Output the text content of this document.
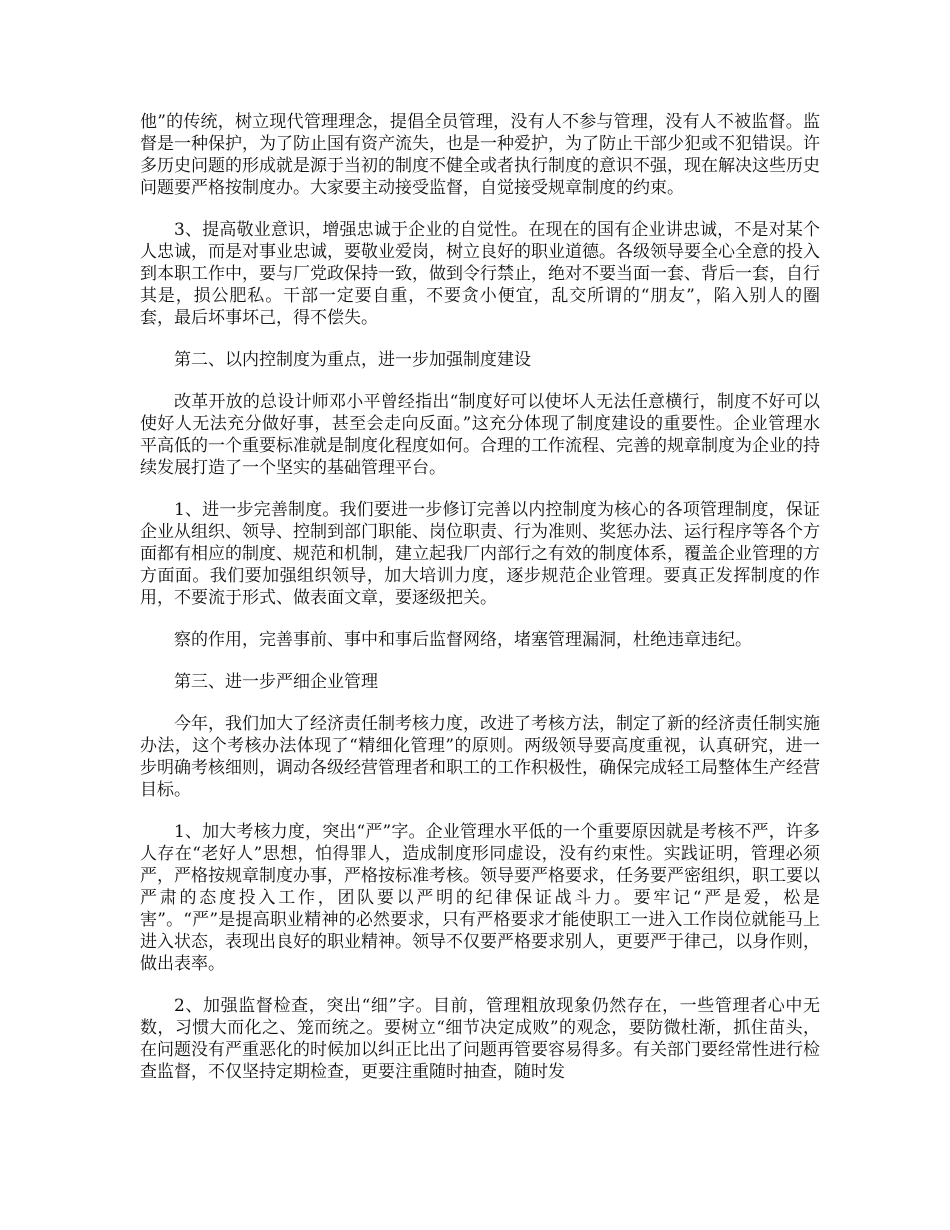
他”的传统，树立现代管理理念，提倡全员管理，没有人不参与管理，没有人不被监督。监督是一种保护，为了防止国有资产流失，也是一种爱护，为了防止干部少犯或不犯错误。许多历史问题的形成就是源于当初的制度不健全或者执行制度的意识不强，现在解决这些历史问题要严格按制度办。大家要主动接受监督，自觉接受规章制度的约束。

3、提高敬业意识，增强忠诚于企业的自觉性。在现在的国有企业讲忠诚，不是对某个人忠诚，而是对事业忠诚，要敬业爱岗，树立良好的职业道德。各级领导要全心全意的投入到本职工作中，要与厂党政保持一致，做到令行禁止，绝对不要当面一套、背后一套，自行其是，损公肥私。干部一定要自重，不要贪小便宜，乱交所谓的“朋友”，陷入别人的圈套，最后坏事坏己，得不偿失。

第二、以内控制度为重点，进一步加强制度建设

改革开放的总设计师邓小平曾经指出“制度好可以使坏人无法任意横行，制度不好可以使好人无法充分做好事，甚至会走向反面。”这充分体现了制度建设的重要性。企业管理水平高低的一个重要标准就是制度化程度如何。合理的工作流程、完善的规章制度为企业的持续发展打造了一个坚实的基础管理平台。

1、进一步完善制度。我们要进一步修订完善以内控制度为核心的各项管理制度，保证企业从组织、领导、控制到部门职能、岗位职责、行为准则、奖惩办法、运行程序等各个方面都有相应的制度、规范和机制，建立起我厂内部行之有效的制度体系，覆盖企业管理的方方面面。我们要加强组织领导，加大培训力度，逐步规范企业管理。要真正发挥制度的作用，不要流于形式、做表面文章，要逐级把关。

察的作用，完善事前、事中和事后监督网络，堵塞管理漏洞，杜绝违章违纪。

第三、进一步严细企业管理

今年，我们加大了经济责任制考核力度，改进了考核方法，制定了新的经济责任制实施办法，这个考核办法体现了“精细化管理”的原则。两级领导要高度重视，认真研究，进一步明确考核细则，调动各级经营管理者和职工的工作积极性，确保完成轻工局整体生产经营目标。

1、加大考核力度，突出“严”字。企业管理水平低的一个重要原因就是考核不严，许多人存在“老好人”思想，怕得罪人，造成制度形同虚设，没有约束性。实践证明，管理必须严，严格按规章制度办事，严格按标准考核。领导要严格要求，任务要严密组织，职工要以严肃的态度投入工作，团队要以严明的纪律保证战斗力。要牢记“严是爱，松是害”。“严”是提高职业精神的必然要求，只有严格要求才能使职工一进入工作岗位就能马上进入状态，表现出良好的职业精神。领导不仅要严格要求别人，更要严于律己，以身作则，做出表率。

2、加强监督检查，突出“细”字。目前，管理粗放现象仍然存在，一些管理者心中无数，习惯大而化之、笼而统之。要树立“细节决定成败”的观念，要防微杜渐，抓住苗头，在问题没有严重恶化的时候加以纠正比出了问题再管要容易得多。有关部门要经常性进行检查监督，不仅坚持定期检查，更要注重随时抽查，随时发
